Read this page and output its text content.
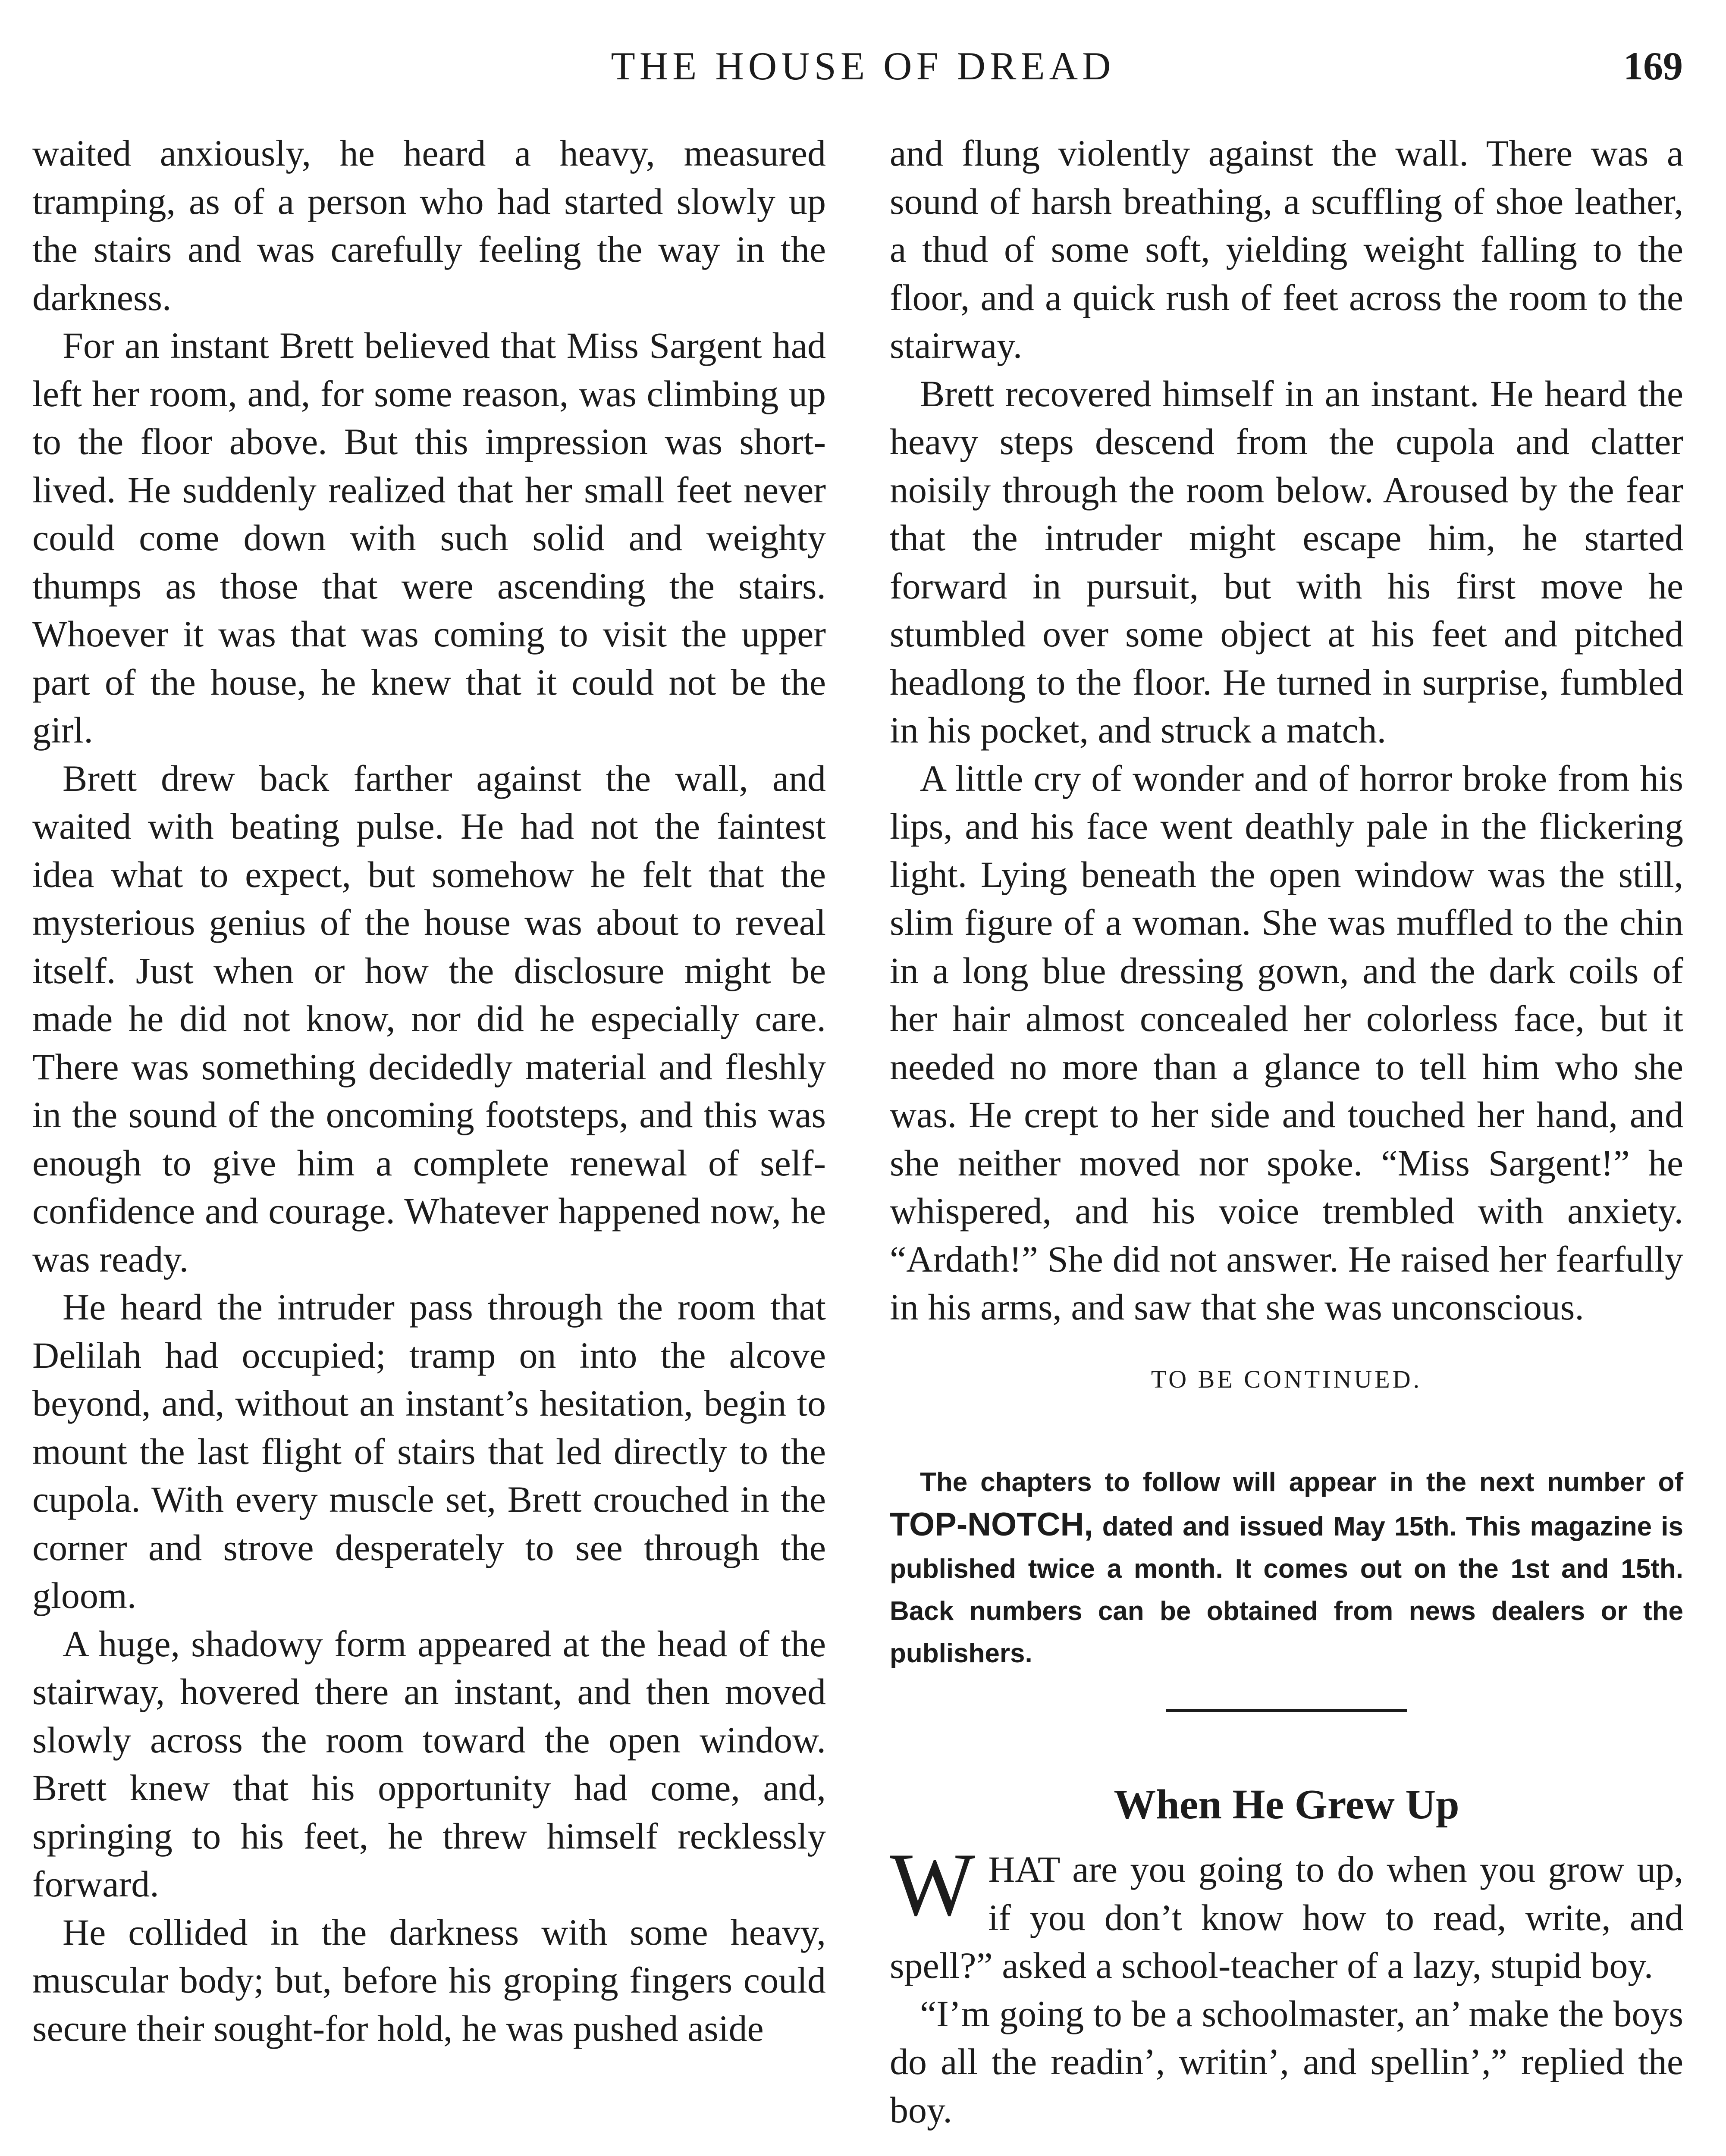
THE HOUSE OF DREAD	169

waited anxiously, he heard a heavy, measured tramping, as of a person who had started slowly up the stairs and was carefully feeling the way in the darkness.

For an instant Brett believed that Miss Sargent had left her room, and, for some reason, was climbing up to the floor above. But this impression was short-lived. He suddenly realized that her small feet never could come down with such solid and weighty thumps as those that were ascending the stairs. Whoever it was that was coming to visit the upper part of the house, he knew that it could not be the girl.

Brett drew back farther against the wall, and waited with beating pulse. He had not the faintest idea what to expect, but somehow he felt that the mysterious genius of the house was about to reveal itself. Just when or how the disclosure might be made he did not know, nor did he especially care. There was something decidedly material and fleshly in the sound of the oncoming footsteps, and this was enough to give him a complete renewal of self-confidence and courage. Whatever happened now, he was ready.

He heard the intruder pass through the room that Delilah had occupied; tramp on into the alcove beyond, and, without an instant’s hesitation, begin to mount the last flight of stairs that led directly to the cupola. With every muscle set, Brett crouched in the corner and strove desperately to see through the gloom.

A huge, shadowy form appeared at the head of the stairway, hovered there an instant, and then moved slowly across the room toward the open window. Brett knew that his opportunity had come, and, springing to his feet, he threw himself recklessly forward.

He collided in the darkness with some heavy, muscular body; but, before his groping fingers could secure their sought-for hold, he was pushed aside

and flung violently against the wall. There was a sound of harsh breathing, a scuffling of shoe leather, a thud of some soft, yielding weight falling to the floor, and a quick rush of feet across the room to the stairway.

Brett recovered himself in an instant. He heard the heavy steps descend from the cupola and clatter noisily through the room below. Aroused by the fear that the intruder might escape him, he started forward in pursuit, but with his first move he stumbled over some object at his feet and pitched headlong to the floor. He turned in surprise, fumbled in his pocket, and struck a match.

A little cry of wonder and of horror broke from his lips, and his face went deathly pale in the flickering light. Lying beneath the open window was the still, slim figure of a woman. She was muffled to the chin in a long blue dressing gown, and the dark coils of her hair almost concealed her colorless face, but it needed no more than a glance to tell him who she was. He crept to her side and touched her hand, and she neither moved nor spoke. “Miss Sargent!” he whispered, and his voice trembled with anxiety. “Ardath!” She did not answer. He raised her fearfully in his arms, and saw that she was unconscious.

TO BE CONTINUED.

The chapters to follow will appear in the next number of TOP-NOTCH, dated and issued May 15th. This magazine is published twice a month. It comes out on the 1st and 15th. Back numbers can be obtained from news dealers or the publishers.

When He Grew Up

WHAT are you going to do when you grow up, if you don’t know how to read, write, and spell?” asked a school-teacher of a lazy, stupid boy.

“I’m going to be a schoolmaster, an’ make the boys do all the readin’, writin’, and spellin’,” replied the boy.
